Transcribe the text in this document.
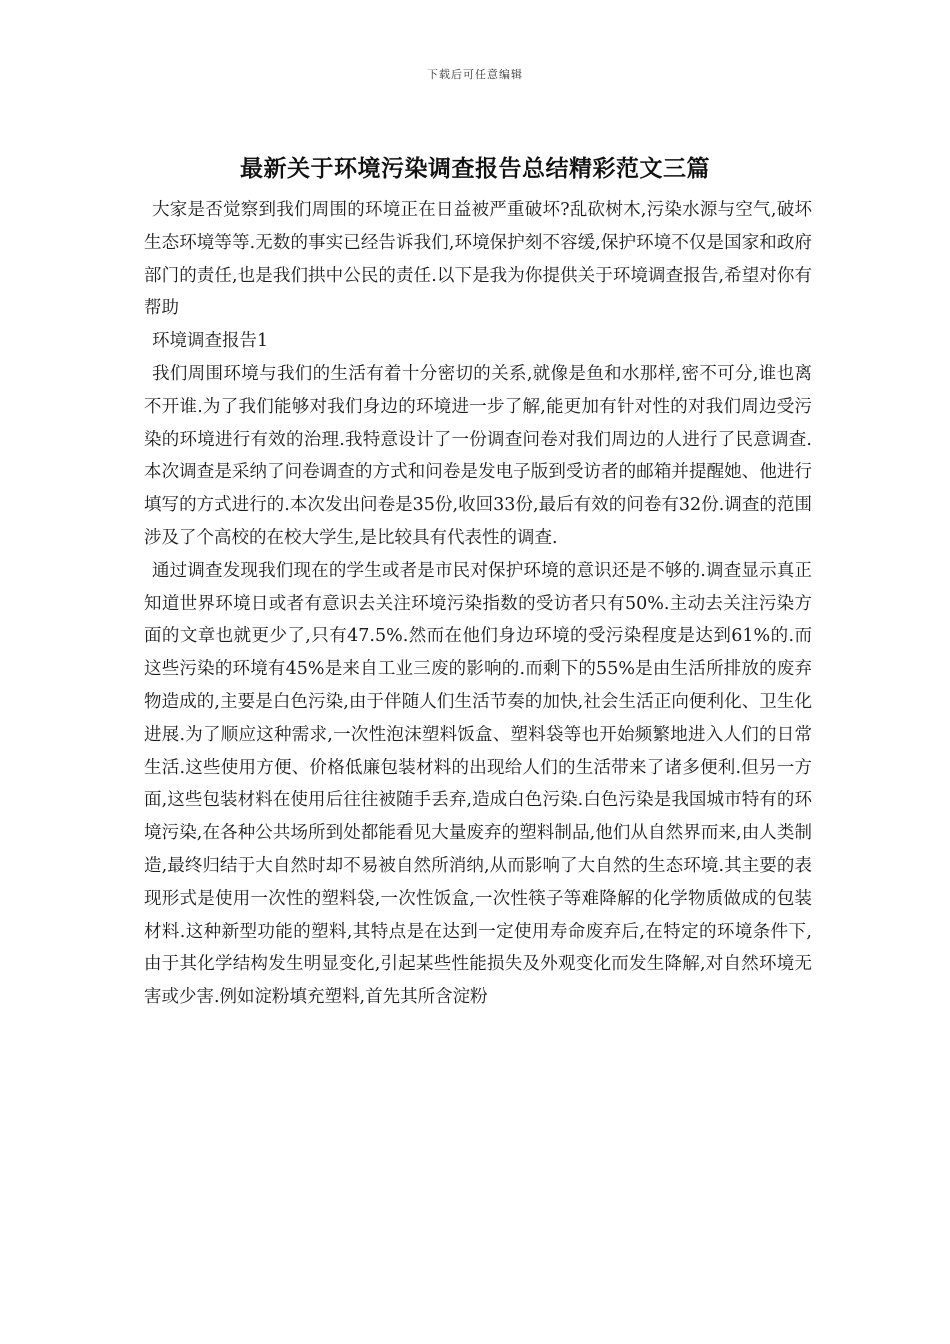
下载后可任意编辑
最新关于环境污染调查报告总结精彩范文三篇

大家是否觉察到我们周围的环境正在日益被严重破坏?乱砍树木,污染水源与空气,破坏生态环境等等.无数的事实已经告诉我们,环境保护刻不容缓,保护环境不仅是国家和政府部门的责任,也是我们拱中公民的责任.以下是我为你提供关于环境调查报告,希望对你有帮助

环境调查报告1

我们周围环境与我们的生活有着十分密切的关系,就像是鱼和水那样,密不可分,谁也离不开谁.为了我们能够对我们身边的环境进一步了解,能更加有针对性的对我们周边受污染的环境进行有效的治理.我特意设计了一份调查问卷对我们周边的人进行了民意调查.本次调查是采纳了问卷调查的方式和问卷是发电子版到受访者的邮箱并提醒她、他进行填写的方式进行的.本次发出问卷是35份,收回33份,最后有效的问卷有32份.调查的范围涉及了个高校的在校大学生,是比较具有代表性的调查.

通过调查发现我们现在的学生或者是市民对保护环境的意识还是不够的.调查显示真正知道世界环境日或者有意识去关注环境污染指数的受访者只有50%.主动去关注污染方面的文章也就更少了,只有47.5%.然而在他们身边环境的受污染程度是达到61%的.而这些污染的环境有45%是来自工业三废的影响的.而剩下的55%是由生活所排放的废弃物造成的,主要是白色污染,由于伴随人们生活节奏的加快,社会生活正向便利化、卫生化进展.为了顺应这种需求,一次性泡沫塑料饭盒、塑料袋等也开始频繁地进入人们的日常生活.这些使用方便、价格低廉包装材料的出现给人们的生活带来了诸多便利.但另一方面,这些包装材料在使用后往往被随手丢弃,造成白色污染.白色污染是我国城市特有的环境污染,在各种公共场所到处都能看见大量废弃的塑料制品,他们从自然界而来,由人类制造,最终归结于大自然时却不易被自然所消纳,从而影响了大自然的生态环境.其主要的表现形式是使用一次性的塑料袋,一次性饭盒,一次性筷子等难降解的化学物质做成的包装材料.这种新型功能的塑料,其特点是在达到一定使用寿命废弃后,在特定的环境条件下,由于其化学结构发生明显变化,引起某些性能损失及外观变化而发生降解,对自然环境无害或少害.例如淀粉填充塑料,首先其所含淀粉
